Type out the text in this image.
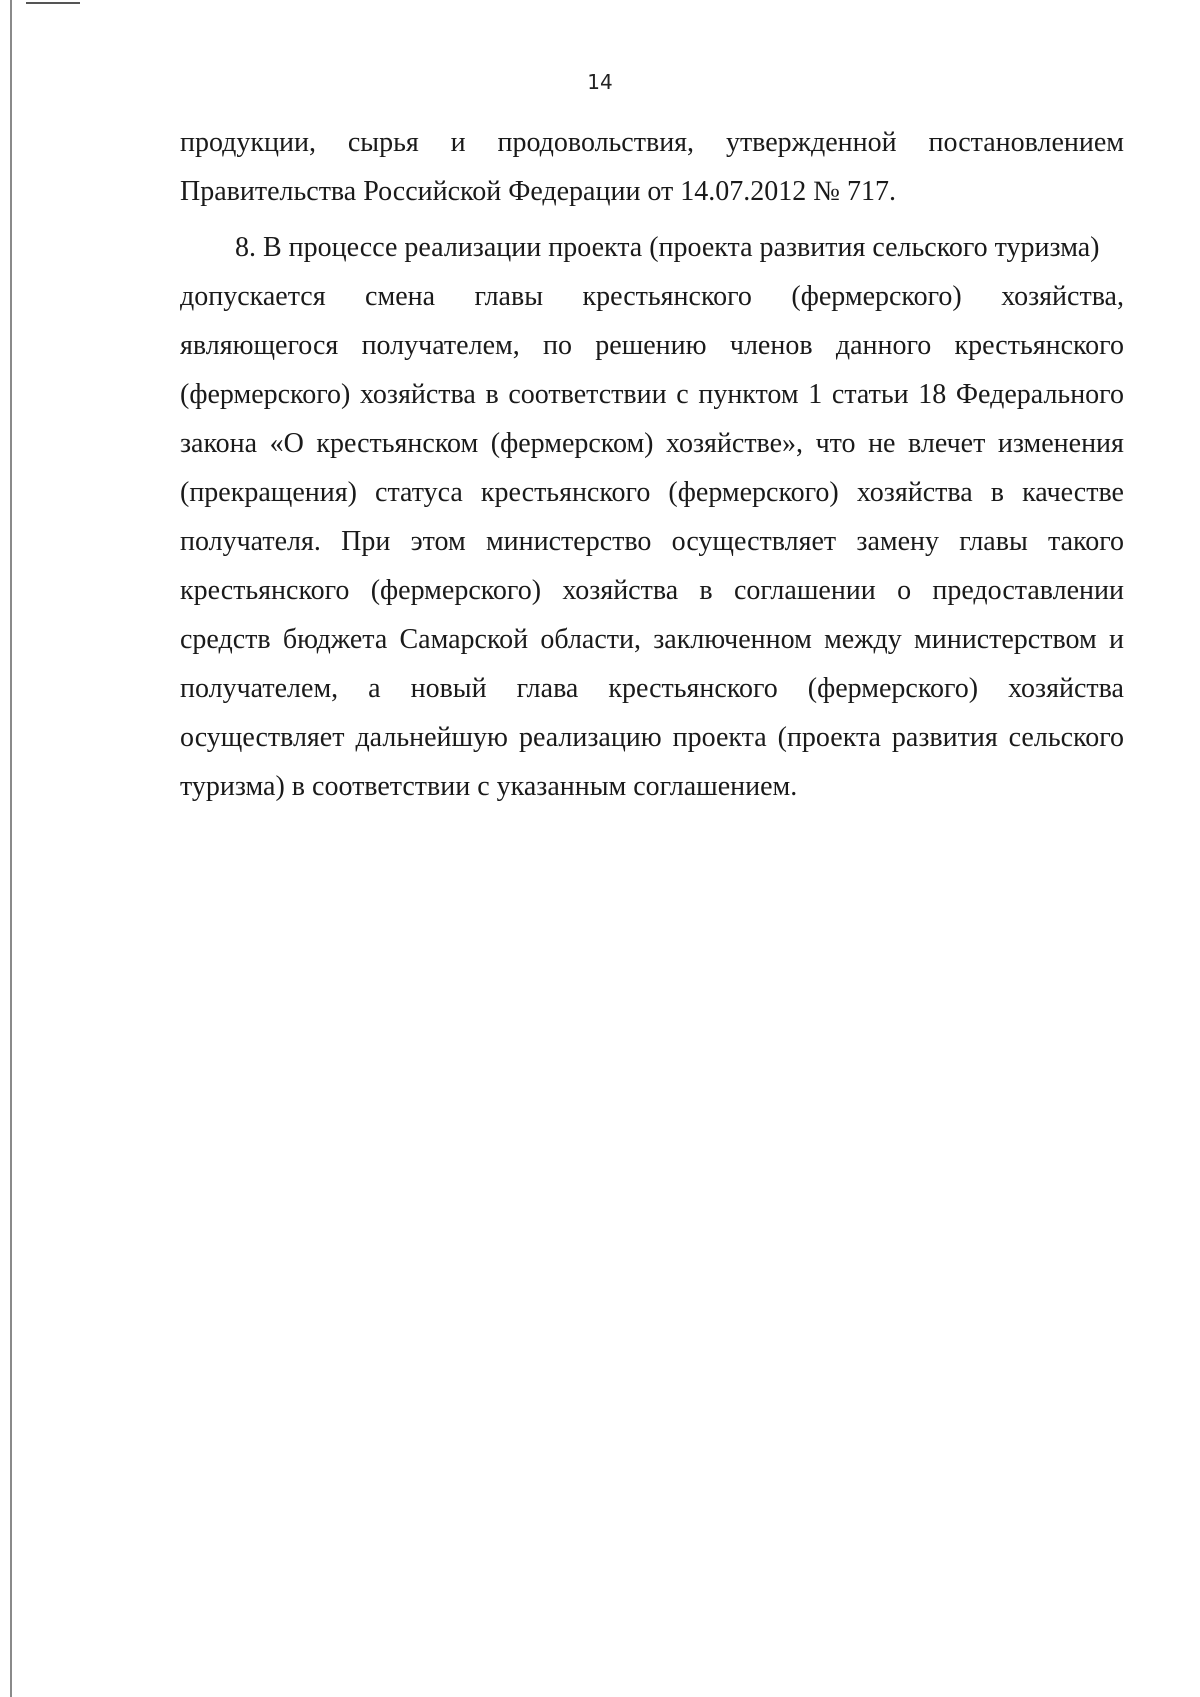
14
продукции, сырья и продовольствия, утвержденной постановлением
Правительства Российской Федерации от 14.07.2012 № 717.
8. В процессе реализации проекта (проекта развития сельского туризма)
допускается смена главы крестьянского (фермерского) хозяйства,
являющегося получателем, по решению членов данного крестьянского
(фермерского) хозяйства в соответствии с пунктом 1 статьи 18 Федерального
закона «О крестьянском (фермерском) хозяйстве», что не влечет изменения
(прекращения) статуса крестьянского (фермерского) хозяйства в качестве
получателя. При этом министерство осуществляет замену главы такого
крестьянского (фермерского) хозяйства в соглашении о предоставлении
средств бюджета Самарской области, заключенном между министерством и
получателем, а новый глава крестьянского (фермерского) хозяйства
осуществляет дальнейшую реализацию проекта (проекта развития сельского
туризма) в соответствии с указанным соглашением.
